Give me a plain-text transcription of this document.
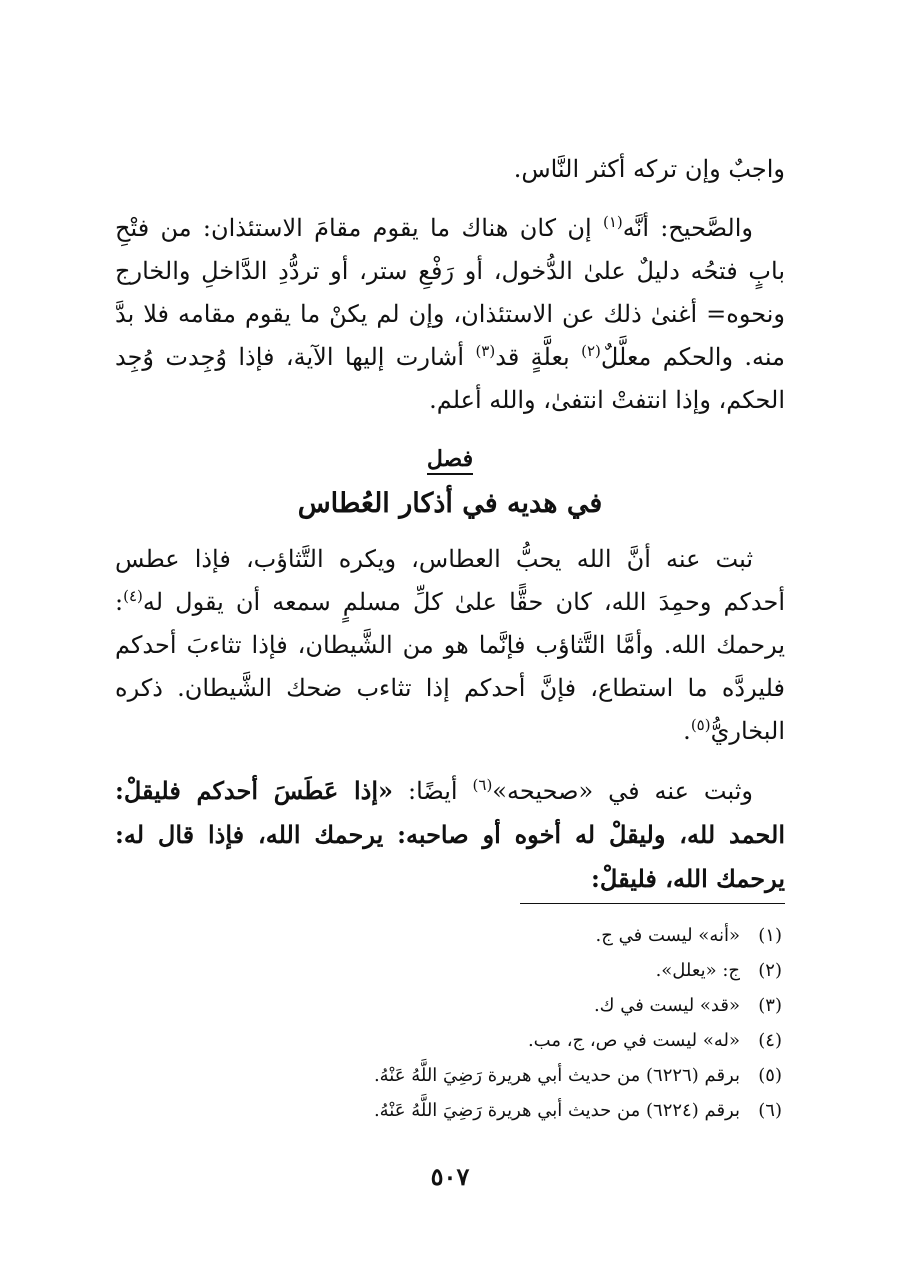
واجبٌ وإن تركه أكثر النَّاس.

والصَّحيح: أنَّه$^{(١)}$ إن كان هناك ما يقوم مقامَ الاستئذان: من فتْحِ بابٍ فتحُه دليلٌ علىٰ الدُّخول، أو رَفْعِ ستر، أو تردُّدِ الدَّاخلِ والخارج ونحوه= أغنىٰ ذلك عن الاستئذان، وإن لم يكنْ ما يقوم مقامه فلا بدَّ منه. والحكم معلَّلٌ$^{(٢)}$ بعلَّةٍ قد$^{(٣)}$ أشارت إليها الآية، فإذا وُجِدت وُجِد الحكم، وإذا انتفتْ انتفىٰ، والله أعلم.

فصل
في هديه في أذكار العُطاس

ثبت عنه أنَّ الله يحبُّ العطاس، ويكره التَّثاؤب، فإذا عطس أحدكم وحمِدَ الله، كان حقًّا علىٰ كلِّ مسلمٍ سمعه أن يقول له$^{(٤)}$: يرحمك الله. وأمَّا التَّثاؤب فإنَّما هو من الشَّيطان، فإذا تثاءبَ أحدكم فليردَّه ما استطاع، فإنَّ أحدكم إذا تثاءب ضحك الشَّيطان. ذكره البخاريُّ$^{(٥)}$.

وثبت عنه في «صحيحه»$^{(٦)}$ أيضًا: «إذا عَطَسَ أحدكم فليقلْ: الحمد لله، وليقلْ له أخوه أو صاحبه: يرحمك الله، فإذا قال له: يرحمك الله، فليقلْ:

(١)«أنه» ليست في ج.
(٢)ج: «يعلل».
(٣)«قد» ليست في ك.
(٤)«له» ليست في ص، ج، مب.
(٥)برقم (٦٢٢٦) من حديث أبي هريرة رَضِيَ اللَّهُ عَنْهُ.
(٦)برقم (٦٢٢٤) من حديث أبي هريرة رَضِيَ اللَّهُ عَنْهُ.
٥٠٧
